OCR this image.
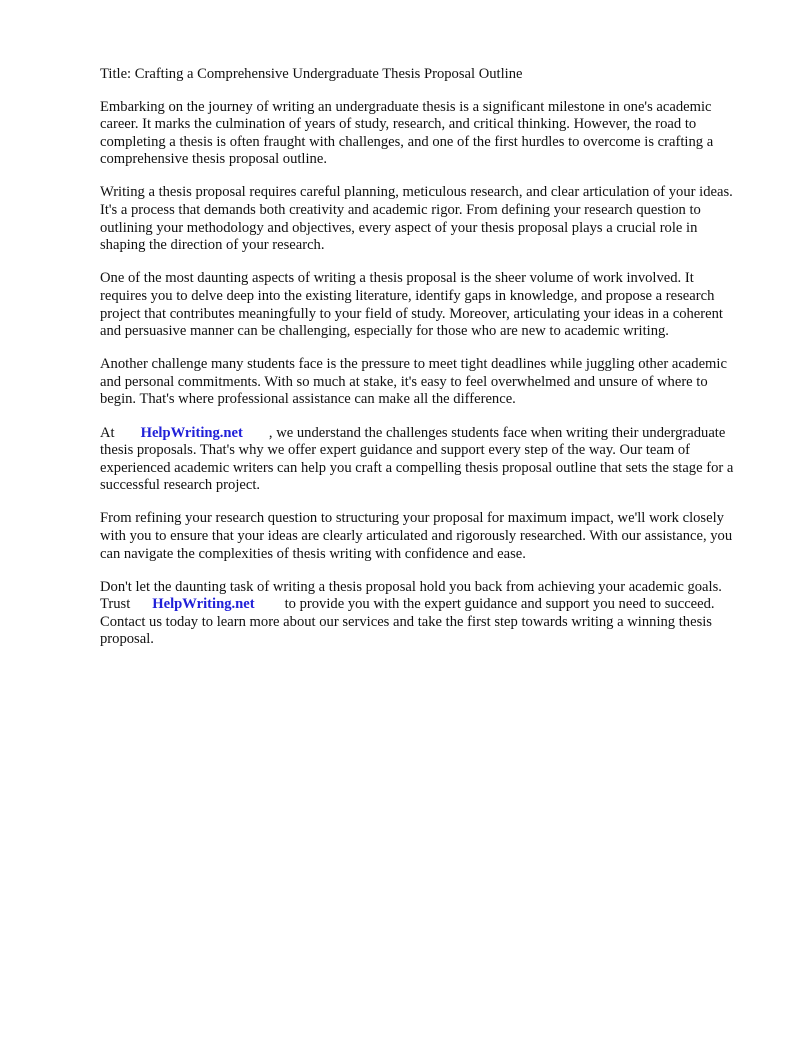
Title: Crafting a Comprehensive Undergraduate Thesis Proposal Outline

Embarking on the journey of writing an undergraduate thesis is a significant milestone in one's academic career. It marks the culmination of years of study, research, and critical thinking. However, the road to completing a thesis is often fraught with challenges, and one of the first hurdles to overcome is crafting a comprehensive thesis proposal outline.

Writing a thesis proposal requires careful planning, meticulous research, and clear articulation of your ideas. It's a process that demands both creativity and academic rigor. From defining your research question to outlining your methodology and objectives, every aspect of your thesis proposal plays a crucial role in shaping the direction of your research.

One of the most daunting aspects of writing a thesis proposal is the sheer volume of work involved. It requires you to delve deep into the existing literature, identify gaps in knowledge, and propose a research project that contributes meaningfully to your field of study. Moreover, articulating your ideas in a coherent and persuasive manner can be challenging, especially for those who are new to academic writing.

Another challenge many students face is the pressure to meet tight deadlines while juggling other academic and personal commitments. With so much at stake, it's easy to feel overwhelmed and unsure of where to begin. That's where professional assistance can make all the difference.

At HelpWriting.net , we understand the challenges students face when writing their undergraduate thesis proposals. That's why we offer expert guidance and support every step of the way. Our team of experienced academic writers can help you craft a compelling thesis proposal outline that sets the stage for a successful research project.

From refining your research question to structuring your proposal for maximum impact, we'll work closely with you to ensure that your ideas are clearly articulated and rigorously researched. With our assistance, you can navigate the complexities of thesis writing with confidence and ease.

Don't let the daunting task of writing a thesis proposal hold you back from achieving your academic goals. Trust HelpWriting.net to provide you with the expert guidance and support you need to succeed. Contact us today to learn more about our services and take the first step towards writing a winning thesis proposal.
